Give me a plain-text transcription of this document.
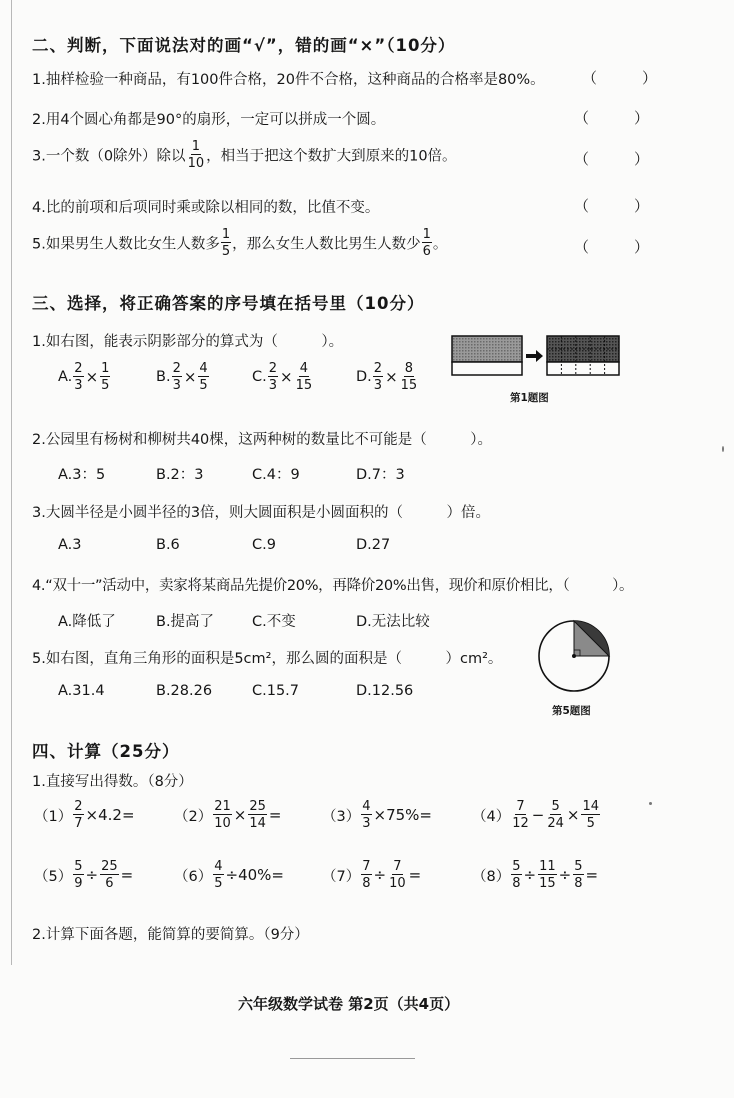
二、判断，下面说法对的画“√”，错的画“×”（10分）
1.抽样检验一种商品，有100件合格，20件不合格，这种商品的合格率是80%。 （　　　）
2.用4个圆心角都是90°的扇形，一定可以拼成一个圆。	（　　　）
3.一个数（0除外）除以 $\frac{1}{10}$ ，相当于把这个数扩大到原来的10倍。	（　　　）
4.比的前项和后项同时乘或除以相同的数，比值不变。	（　　　）
5.如果男生人数比女生人数多 $\frac{1}{5}$ ，那么女生人数比男生人数少 $\frac{1}{6}$ 。	（　　　）
三、选择，将正确答案的序号填在括号里（10分）
1.如右图，能表示阴影部分的算式为（　　　）。
A. $\frac{2}{3} \times \frac{1}{5}$	B. $\frac{2}{3} \times \frac{4}{5}$	C. $\frac{2}{3} \times \frac{4}{15}$	D. $\frac{2}{3} \times \frac{8}{15}$
第1题图
2.公园里有杨树和柳树共40棵，这两种树的数量比不可能是（　　　）。
A.3：5	B.2：3	C.4：9	D.7：3
3.大圆半径是小圆半径的3倍，则大圆面积是小圆面积的（　　　）倍。
A.3	B.6	C.9	D.27
4.“双十一”活动中，卖家将某商品先提价20%，再降价20%出售，现价和原价相比，（　　　）。
A.降低了	B.提高了	C.不变	D.无法比较
5.如右图，直角三角形的面积是5cm²，那么圆的面积是（　　　）cm²。
A.31.4	B.28.26	C.15.7	D.12.56
第5题图
四、计算（25分）
1.直接写出得数。（8分）
$(1) \frac{2}{7} \times 4.2=$	$(2) \frac{21}{10} \times \frac{25}{14}$ =	$(3) \frac{4}{3} \times 75\%=$	$(4) \frac{7}{12} - \frac{5}{24} \times \frac{14}{5}$
$(5) \frac{5}{9} \div \frac{25}{6}$ =	$(6) \frac{4}{5} \div 40\%=$	$(7) \frac{7}{8} \div \frac{7}{10}$ =	$(8) \frac{5}{8} \div \frac{11}{15} \div \frac{5}{8}$ =
2.计算下面各题，能简算的要简算。（9分）
六年级数学试卷 第2页（共4页）
